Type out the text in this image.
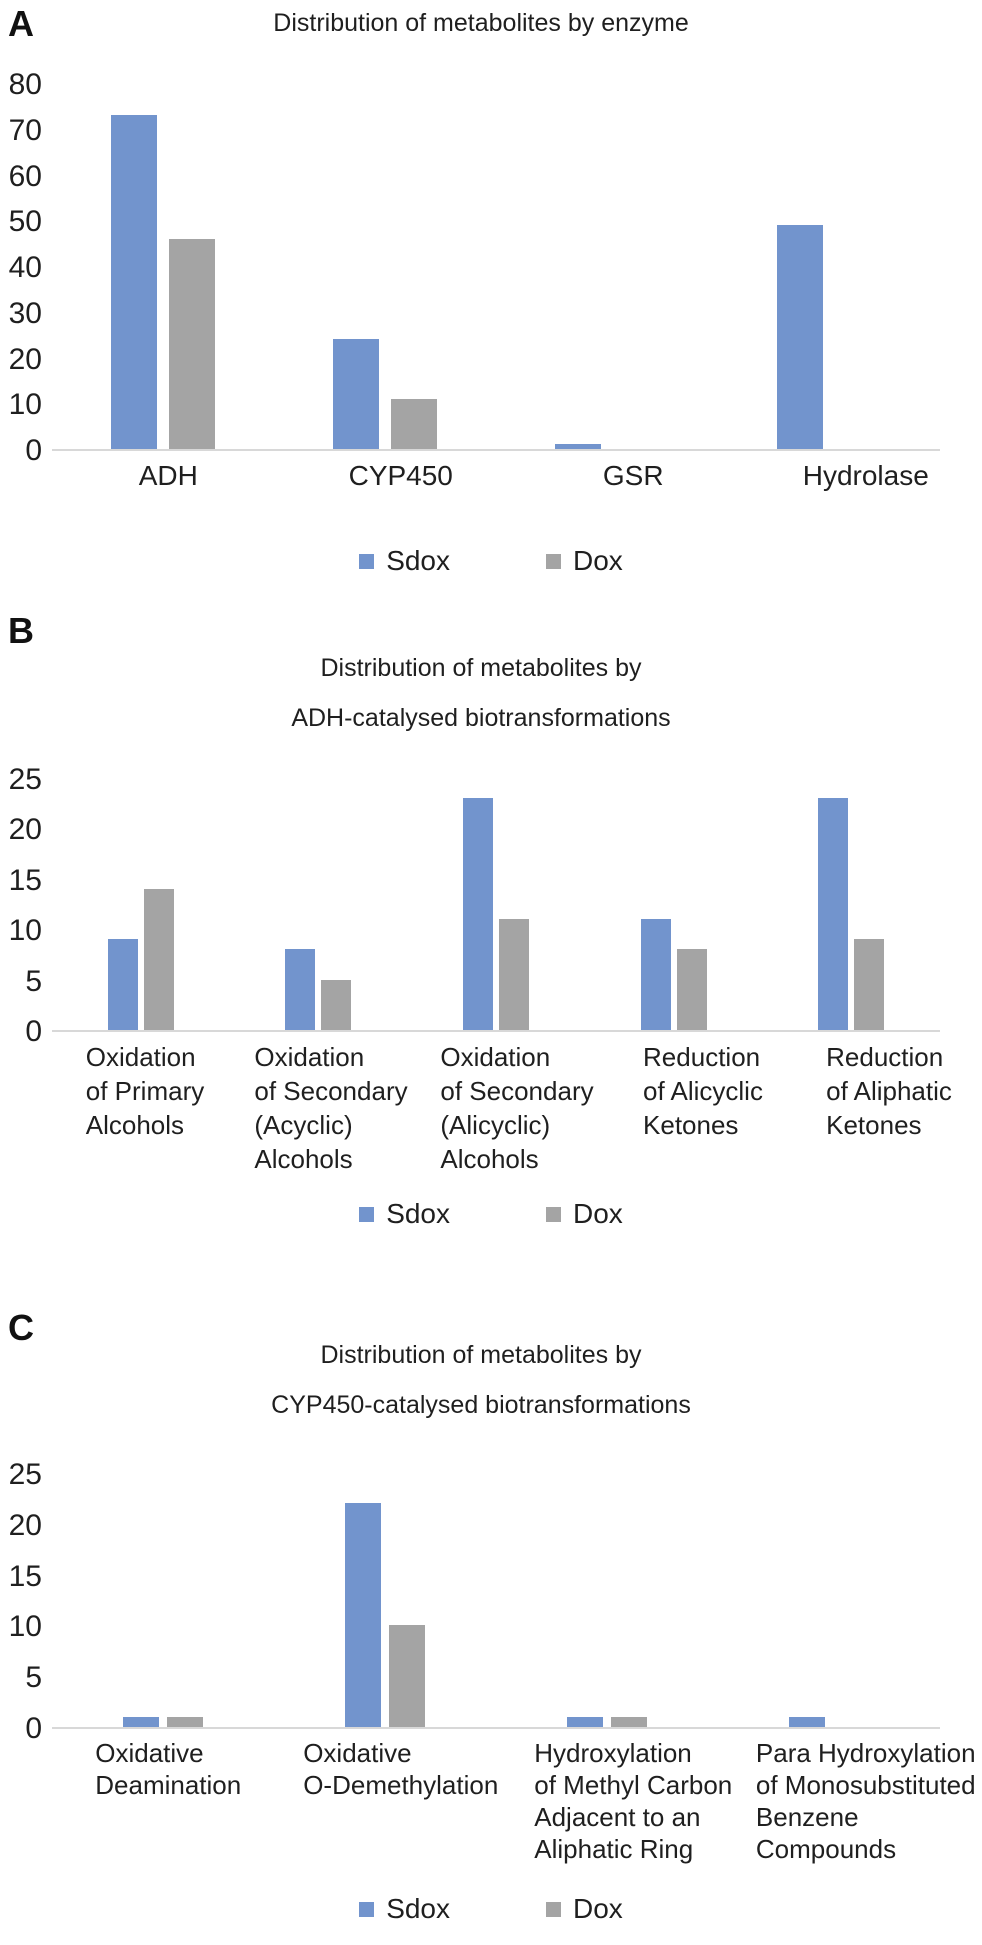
A	Distribution of metabolites by enzyme
0
10
20
30
40
50
60
70
80
ADH	CYP450	GSR	Hydrolase
Sdox	Dox
B
Distribution of metabolites by
ADH-catalysed biotransformations
0
5
10
15
20
25
Oxidation
of Primary
Alcohols
Oxidation
of Secondary
(Acyclic)
Alcohols
Oxidation
of Secondary
(Alicyclic)
Alcohols
Reduction
of Alicyclic
Ketones
Reduction
of Aliphatic
Ketones
Sdox	Dox
C
Distribution of metabolites by
CYP450-catalysed biotransformations
0
5
10
15
20
25
Oxidative
Deamination
Oxidative
O-Demethylation
Hydroxylation
of Methyl Carbon
Adjacent to an
Aliphatic Ring
Para Hydroxylation
of Monosubstituted
Benzene
Compounds
Sdox	Dox
